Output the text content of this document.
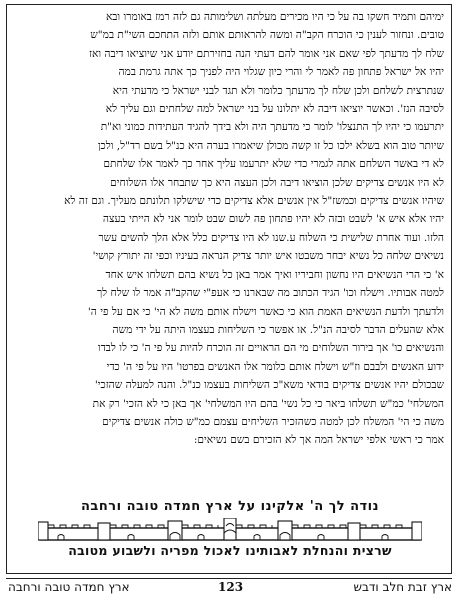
ימיהם ותמיד חשקו בה על כי היו מכירים מעלתה ושלימותה גם לזה רמז באומרו ובא
טובים. ונחזור לענין כי הוכרח הקב"ה ומשה להראותם אותם ולזה התחכם השי"ת במ"ש
שלח לך מדעתך לפי שאם אני אומר להם דעתי הנה בחזירתם יודע אני שיוציאו דיבה ואז
יהיו אל ישראל פתחון פה לאמר לי והרי כיון שגלוי היה לפניך כך אתה גרמת במה
שנתרצית לשלחם ולכן שלח לך מדעתך כלומר ולא תגד לבני ישראל כי מדעתי היא
לסיבה הנז'. וכאשר יוציאו דיבה לא יתלונו על בני ישראל למה שלחתים וגם עליך לא
יתרעמו כי יהיו לך התנצלו' לומר כי מדעתך היה ולא בידך להגיד העתידות כמוני וא"ת
שיותר טוב הוא בשלא ילכו כל זו קשה מכולן שיאמרו בערה היא כנ"ל בשם רד"ל, ולכן
לא די באשר השלחם אתה לגמרי כדי שלא יתרעמו עליך אחר כך לאמר אלו שלחתם
לא היו אנשים צדיקים שלכן הוציאו דיבה ולכן העצה היא כך שתבחר אלו השלוחים
שיהיו אנשים צדיקים וכמשז"ל אין אנשים אלא צדיקים כדי שישלקו תלונתם מעליך. וגם זה לא
יהיו אלא איש א' לשבט ובזה לא יהיו פתחון פה לשום שבט לומר אני לא הייתי בעצה
הלזו. ועוד אחרת שלישית כי השלוח ע.שנו לא היו צדיקים כלל אלא הלך להשים עשר
נשיאים שלחה כל נשיא יבחר משבטו איש יותר צדיק הנראה בעיניו וכפי זה יתורץ קושי'
א' כי הרי הנשיאים היו נחשון וחביריו ואיך אמר באן כל נשיא בהם תשלחו איש אחד
למטה אבותיו. וישלח וכו' הגיד הכתוב מה שבארנו כי אעפ"י שהקב"ה אמר לו שלח לך
ולדעתך ולדעת הנשיאים האמת הוא כי כאשר וישלח אותם משה לא הי' כי אם על פי ה'
אלא שהעלים הדבר לסיבה הנ"ל. או אפשר כי השליחות בעצמו היתה על ידי משה
והנשיאים כו' אך בירור השלוחים מי הם הראויים זה הוכרח להיות על פי ה' כי לו לבדו
ידוע האנשים ולבבם וז"ש וישלח אותם כלומר אלו האנשים בפרטו' היו על פי ה' כדי
שבכולם יהיו אנשים צדיקים בודאי משא"כ השליחות בעצמו כנ"ל. והנה למעלה שהזכי'
המשלחי' כמ"ש תשלחו ביאר כי כל נשי' בהם היו המשלחי' אך באן כי לא הזכי' רק את
משה כי הי' המשלח לכן למטה כשהזכיר השליחים עצמם כמ"ש כולה אנשים צדיקים
אמר כי ראשי אלפי ישראל המה אך לא הזכירם בשם נשיאים:
נודה לך ה' אלקינו על ארץ חמדה טובה ורחבה
שרצית והנחלת לאבותינו לאכול מפריה ולשבוע מטובה
ארץ זבת חלב ודבש
123
ארץ חמדה טובה ורחבה
